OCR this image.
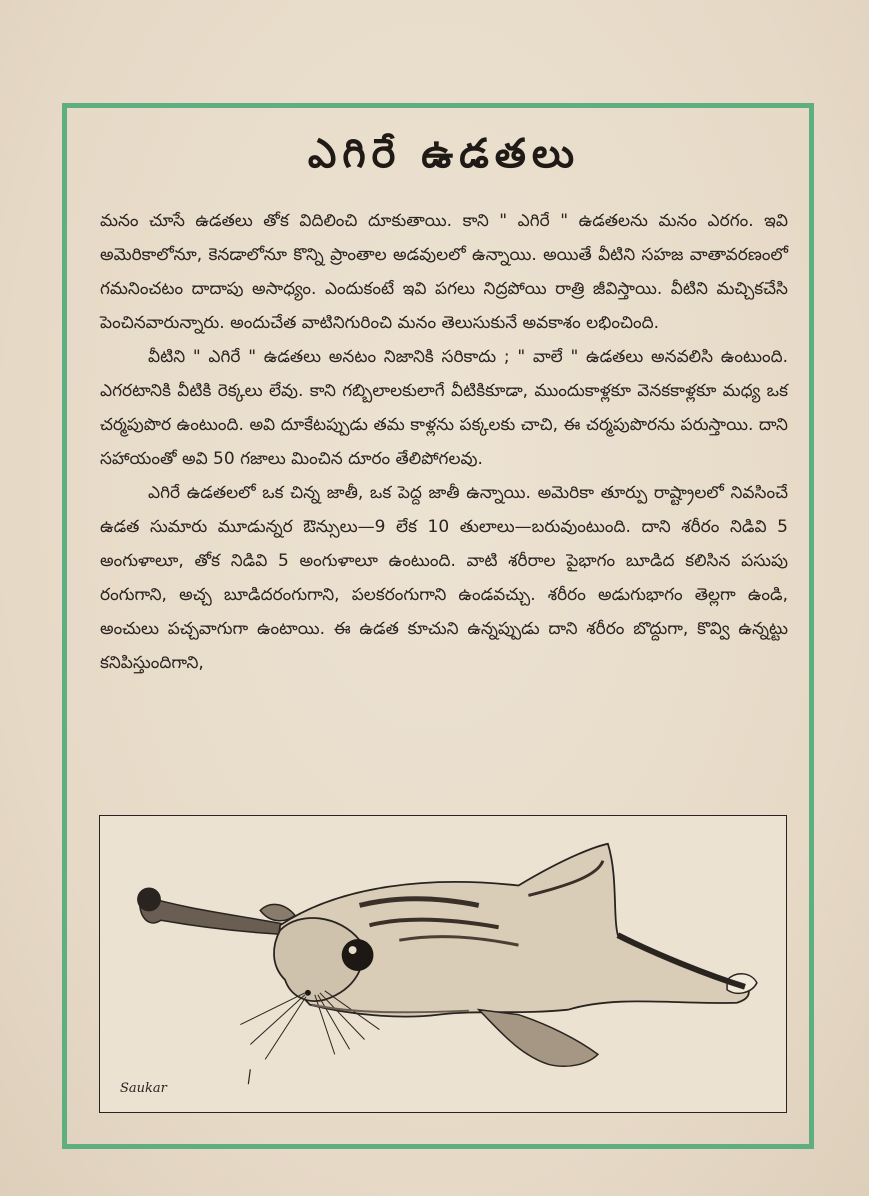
ఎగిరే ఉడతలు

మనం చూసే ఉడతలు తోక విదిలించి దూకుతాయి. కాని " ఎగిరే " ఉడతలను మనం ఎరగం. ఇవి అమెరికాలోనూ, కెనడాలోనూ కొన్ని ప్రాంతాల అడవులలో ఉన్నాయి. అయితే వీటిని సహజ వాతావరణంలో గమనించటం దాదాపు అసాధ్యం. ఎందుకంటే ఇవి పగలు నిద్రపోయి రాత్రి జీవిస్తాయి. వీటిని మచ్చికచేసి పెంచినవారున్నారు. అందుచేత వాటినిగురించి మనం తెలుసుకునే అవకాశం లభించింది.

వీటిని " ఎగిరే " ఉడతలు అనటం నిజానికి సరికాదు ; " వాలే " ఉడతలు అనవలిసి ఉంటుంది. ఎగరటానికి వీటికి రెక్కలు లేవు. కాని గబ్బిలాలకులాగే వీటికికూడా, ముందుకాళ్లకూ వెనకకాళ్లకూ మధ్య ఒక చర్మపుపొర ఉంటుంది. అవి దూకేటప్పుడు తమ కాళ్లను పక్కలకు చాచి, ఈ చర్మపుపొరను పరుస్తాయి. దాని సహాయంతో అవి 50 గజాలు మించిన దూరం తేలిపోగలవు.

ఎగిరే ఉడతలలో ఒక చిన్న జాతీ, ఒక పెద్ద జాతీ ఉన్నాయి. అమెరికా తూర్పు రాష్ట్రాలలో నివసించే ఉడత సుమారు మూడున్నర ఔన్సులు—9 లేక 10 తులాలు—బరువుంటుంది. దాని శరీరం నిడివి 5 అంగుళాలూ, తోక నిడివి 5 అంగుళాలూ ఉంటుంది. వాటి శరీరాల పైభాగం బూడిద కలిసిన పసుపు రంగుగాని, అచ్చ బూడిదరంగుగాని, పలకరంగుగాని ఉండవచ్చు. శరీరం అడుగుభాగం తెల్లగా ఉండి, అంచులు పచ్చవాగుగా ఉంటాయి. ఈ ఉడత కూచుని ఉన్నప్పుడు దాని శరీరం బొద్దుగా, కొవ్వి ఉన్నట్టు కనిపిస్తుందిగాని,

Saukar
